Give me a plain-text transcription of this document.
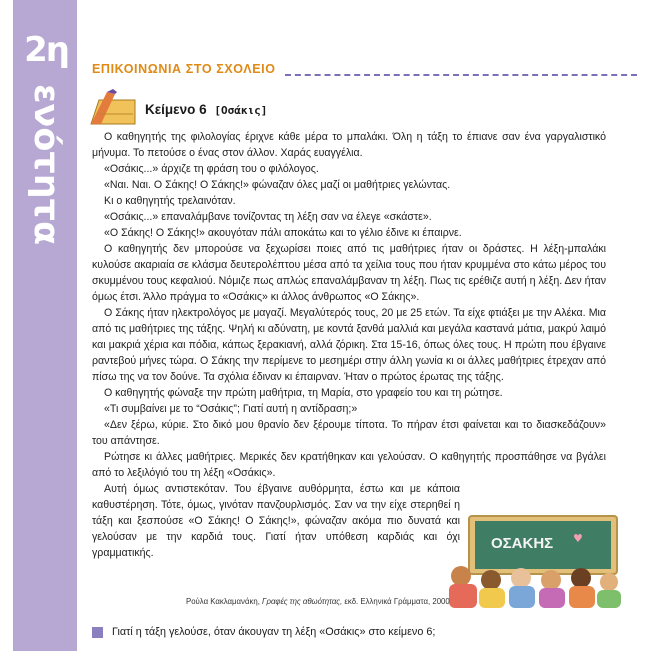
2η
ενότητα
ΕΠΙΚΟΙΝΩΝΙΑ ΣΤΟ ΣΧΟΛΕΙΟ
Κείμενο 6 [Οσάκις]

Ο καθηγητής της φιλολογίας έριχνε κάθε μέρα το μπαλάκι. Όλη η τάξη το έπιανε σαν ένα γαργαλιστικό μήνυμα. Το πετούσε ο ένας στον άλλον. Χαράς ευαγγέλια.

«Οσάκις...» άρχιζε τη φράση του ο φιλόλογος.

«Ναι. Ναι. Ο Σάκης! Ο Σάκης!» φώναζαν όλες μαζί οι μαθήτριες γελώντας.

Κι ο καθηγητής τρελαινόταν.

«Οσάκις...» επαναλάμβανε τονίζοντας τη λέξη σαν να έλεγε «σκάστε».

«Ο Σάκης! Ο Σάκης!» ακουγόταν πάλι αποκάτω και το γέλιο έδινε κι έπαιρνε.

Ο καθηγητής δεν μπορούσε να ξεχωρίσει ποιες από τις μαθήτριες ήταν οι δράστες. Η λέξη-μπαλάκι κυλούσε ακαριαία σε κλάσμα δευτερολέπτου μέσα από τα χείλια τους που ήταν κρυμμένα στο κάτω μέρος του σκυμμένου τους κεφαλιού. Νόμιζε πως απλώς επαναλάμβαναν τη λέξη. Πως τις ερέθιζε αυτή η λέξη. Δεν ήταν όμως έτσι. Άλλο πράγμα το «Οσάκις» κι άλλος άνθρωπος «Ο Σάκης».

Ο Σάκης ήταν ηλεκτρολόγος με μαγαζί. Μεγαλύτερός τους, 20 με 25 ετών. Τα είχε φτιάξει με την Αλέκα. Μια από τις μαθήτριες της τάξης. Ψηλή κι αδύνατη, με κοντά ξανθά μαλλιά και μεγάλα καστανά μάτια, μακρύ λαιμό και μακριά χέρια και πόδια, κάπως ξερακιανή, αλλά ζόρικη. Στα 15-16, όπως όλες τους. Η πρώτη που έβγαινε ραντεβού μήνες τώρα. Ο Σάκης την περίμενε το μεσημέρι στην άλλη γωνία κι οι άλλες μαθήτριες έτρεχαν από πίσω της να τον δούνε. Τα σχόλια έδιναν κι έπαιρναν. Ήταν ο πρώτος έρωτας της τάξης.

Ο καθηγητής φώναξε την πρώτη μαθήτρια, τη Μαρία, στο γραφείο του και τη ρώτησε.

«Τι συμβαίνει με το “Οσάκις”; Γιατί αυτή η αντίδραση;»

«Δεν ξέρω, κύριε. Στο δικό μου θρανίο δεν ξέρουμε τίποτα. Το πήραν έτσι φαίνεται και το διασκεδάζουν» του απάντησε.

Ρώτησε κι άλλες μαθήτριες. Μερικές δεν κρατήθηκαν και γελούσαν. Ο καθηγητής προσπάθησε να βγάλει από το λεξιλόγιό του τη λέξη «Οσάκις».

Αυτή όμως αντιστεκόταν. Του έβγαινε αυθόρμητα, έστω και με κάποια καθυστέρηση. Τότε, όμως, γινόταν πανζουρλισμός. Σαν να την είχε στερηθεί η τάξη και ξεσπούσε «Ο Σάκης! Ο Σάκης!», φώναζαν ακόμα πιο δυνατά και γελούσαν με την καρδιά τους. Γιατί ήταν υπόθεση καρδιάς και όχι γραμματικής.

ΟΣΑΚΗΣ ♥
Ρούλα Κακλαμανάκη, Γραφές της αθωότητας, εκδ. Ελληνικά Γράμματα, 2000
Γιατί η τάξη γελούσε, όταν άκουγαν τη λέξη «Οσάκις» στο κείμενο 6;
